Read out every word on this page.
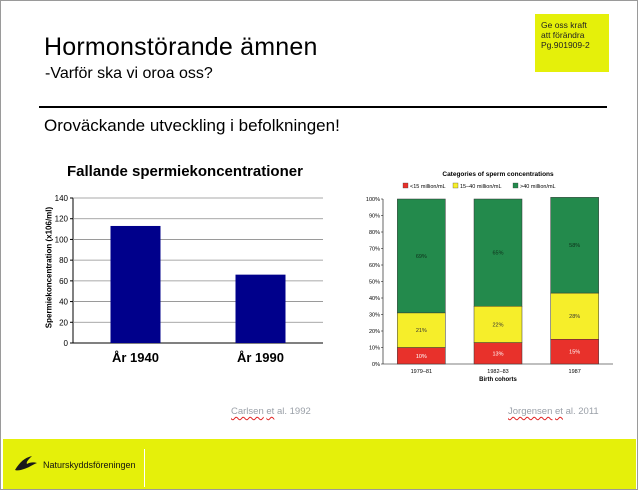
Hormonstörande ämnen
-Varför ska vi oroa oss?
Ge oss kraft
att förändra
Pg.901909-2
Oroväckande utveckling i befolkningen!
Fallande spermiekoncentrationer
Spermiekoncentration (x106/ml)
0
20
40
60
80
100
120
140
År 1940	År 1990
Carlsen et al. 1992
Categories of sperm concentrations
<15 million/mL	15–40 million/mL	>40 million/mL
0%
10%
20%
30%
40%
50%
60%
70%
80%
90%
100%
10%
21%
69%
1979–81
13%
22%
65%
1982–83
15%
28%
58%
1987
Birth cohorts
Jorgensen et al. 2011
Naturskyddsföreningen
